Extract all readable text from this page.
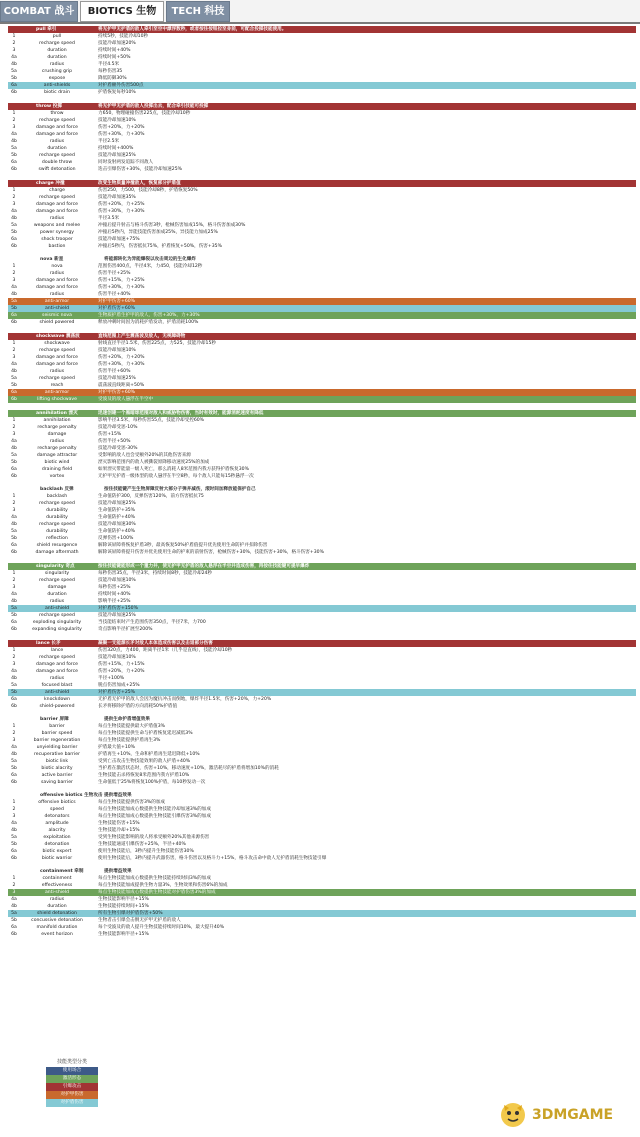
COMBAT 战斗	BIOTICS 生物	TECH 科技
pull 牵引	将无护甲无护盾的敌人牵引至空中漂浮数秒，或者按住按钮拉至身前，可配合投掷技能使用。
1	pull	持续5秒，技能冷却10秒
2	recharge speed	技能冷却加速20%
3	duration	持续时间+40%
4a	duration	持续时间+50%
4b	radius	半径4.5米
5a	crushing grip	每秒伤害35
5b	expose	降低防御30%
6a	anti-shields	对护盾额外伤害500点
6b	biotic drain	护盾恢复每秒10%
throw 投掷	将无护甲无护盾的敌人投掷出去，配合牵引技能可投掷
1	throw	力650，物理碰撞伤害225点，技能冷却10秒
2	recharge speed	技能冷却加速10%
3	damage and force	伤害+20%，力+20%
4a	damage and force	伤害+30%，力+30%
4b	radius	半径2.5米
5a	duration	持续时间+400%
5b	recharge speed	技能冷却加速25%
6a	double throw	同时发射两发追踪不同敌人
6b	swift detonation	迭击引爆伤害+30%，技能冷却加速25%
charge 冲撞	改变生物质量冲撞敌人，恢复部分护盾值
1	charge	伤害250，力500，技能冷却8秒，护盾恢复50%
2	recharge speed	技能冷却加速35%
3	damage and force	伤害+20%，力+25%
4a	damage and force	伤害+30%，力+30%
4b	radius	半径3.5米
5a	weapons and melee	冲撞后提升射击与格斗伤害3秒，枪械伤害加成15%，格斗伤害加成30%
5b	power synergy	冲撞后5秒内，异能技能伤害加成25%，异技能力加成25%
6a	shock trooper	技能冷却加速+75%
6b	bastion	冲撞后5秒内，伤害抵抗75%，护盾恢复+50%，伤害+35%
nova 新星	将能源转化为异能爆裂以攻击周边的生化爆炸
1	nova	范围伤害400点，半径4米，力450，技能冷却12秒
2	radius	伤害半径+25%
3	damage and force	伤害+15%，力+25%
4a	damage and force	伤害+30%，力+30%
4b	radius	伤害半径+40%
5a	anti-armor	对护甲伤害+60%
5b	anti-shield	对护盾伤害+60%
6a	seismic nova	生物质护盾生护甲的敌人，伤害+30%，力+30%
6b	shield powered	释放冲刺时间因为消耗护盾发动，护盾消耗100%
shockwave 震荡波	直线范围上产生震荡波及敌人，无视障碍物
1	shockwave	射线直径半径1.5米，伤害225点，力525，技能冷却15秒
2	recharge speed	技能冷却加速10%
3	damage and force	伤害+20%，力+20%
4a	damage and force	伤害+30%，力+30%
4b	radius	伤害半径+60%
5a	recharge speed	技能冷却加速25%
5b	reach	震荡波直线距离+50%
6a	anti-armor	对护甲伤害+60%
6b	lifting shockwave	受波及的敌人悬浮在半空中
annihilation 湮灭	迅速创建一个黑暗球范围对敌人和威胁物伤害，当时有效时，能源消耗速度有降低
1	annihilation	影响半径3.5米，每秒伤害55点，技能冷却受控60%
2	recharge penalty	技能冷却受惩-10%
3	damage	伤害+15%
4a	radius	伤害半径+50%
4b	recharge penalty	技能冷却受惩-30%
5a	damage attractor	受影响的敌人也会受额外20%的其他伤害来源
5b	biotic wind	湮灭影响范围内的敌人被撕裂原降移动速度25%的加成
6a	draining field	如果湮灭带能量一级人死亡，那么消耗人8米范围内我方获得护盾恢复30%
6b	vortex	无护甲无护盾一级体型的敌人悬浮在半空8秒，每个敌人只能每15秒悬浮一次
backlash 反弹	按住技能键产生生物屏障反射大部分子弹并减伤，滚时间加释放能保护自己
1	backlash	生命值防护300，反弹伤害120%，前方伤害抵抗75
2	recharge speed	技能冷却加速25%
3	durability	生命值防护+35%
4a	durability	生命值防护+40%
4b	recharge speed	技能冷却加速30%
5a	durability	生命值防护+40%
5b	reflection	反弹伤害+100%
6a	shield resurgence	解除该屏障将恢复护盾3秒，最高恢复50%护盾值提升优先使用生命防护并扣除伤害
6b	damage aftermath	解除该屏障将提升伤害并优先使用生命的护束的前射伤害，枪械伤害+30%，技能伤害+30%，格斗伤害+30%
singularity 奇点	按住技能键能形成一个重力井，使无护甲无护盾的敌人悬浮在半空并造成伤害，再按住技能键可提早爆炸
1	singularity	每秒伤害35点，半径3米，持续时间8秒，技能冷却24秒
2	recharge speed	技能冷却加速10%
3	damage	每秒伤害+25%
4a	duration	持续时间+40%
4b	radius	影响半径+25%
5a	anti-shield	对护盾伤害+150%
5b	recharge speed	技能冷却加速25%
6a	exploding singularity	当技能结束时产生范围伤害350点，半径7米，力700
6b	expanding singularity	奇点影响半径扩展至200%
lance 长矛	凝聚一支能源长矛对敌人本体造成伤害以及击退部分伤害
1	lance	伤害320点，力400，距离半径1米（几乎是直线），技能冷却10秒
2	recharge speed	技能冷却加速10%
3	damage and force	伤害+15%，力+15%
4a	damage and force	伤害+20%，力+20%
4b	radius	半径+100%
5a	focused blast	脱点伤害加成+25%
5b	anti-shield	对护盾伤害+25%
6a	knockdown	无护盾无护甲的敌人会因为魔抗冲击而倒地，爆炸半径1.5米，伤害+20%，力+20%
6b	shield-powered	长矛将移除护盾的方向消耗50%护盾值
barrier 屏障	提供生命护盾增值效果
1	barrier	每点生物技能提供最大护盾值3%
2	barrier speed	每点生物技能提供生命与护盾恢复延迟减低3%
3	barrier regeneration	每点生物技能提供护盾再生3%
4a	unyielding barrier	护盾最大值+10%
4b	recuperative barrier	护盾再生+10%，生命和护盾再生延迟降低+10%
5a	biotic link	受到亡击攻击生物技能效果的敌人护盾+40%
5b	biotic alacrity	当护盾在激活状态时，伤害+10%，移动速度+10%，激活耗尽的护盾将增加10%的消耗
6a	active barrier	生物技能击杀将恢复8米范围内我方护盾10%
6b	saving barrier	生命值低于25%将恢复100%护盾，每10秒发动一次
offensive biotics 生物攻击 提供增益效果
1	offensive biotics	每点生物技能提供伤害3%的加成
2	speed	每点生物技能加成心数提供生物技能冷却加速3%的加成
3	detonators	每点生物技能加成心数提供生物技能引爆伤害3%的加成
4a	amplitude	生物技能伤害+15%
4b	alacrity	生物技能冷却+15%
5a	exploitation	受到生物技能影响的敌人将承受额外20%其他来源伤害
5b	detonation	生物技能通道引爆伤害+25%，半径+40%
6a	biotic expert	使用生物技能后，3秒内提升生物技能伤害30%
6b	biotic warrior	使用生物技能后，3秒内提升武器伤害，格斗伤害以及格斗力+15%，格斗攻击命中敌人无护盾消耗生物技能引爆
containment 牵制	提供增益效果
1	containment	每点生物技能加成心数提供生物技能持续时间3%的加成
2	effectiveness	每点生物技能加成提供生物力量3%，生物效果和伤害6%的加成
3	anti-shield	每点生物技能加成心数提供生物技能对护盾伤害3%的加成
4a	radius	生物技能影响半径+15%
4b	duration	生物技能持续时间+15%
5a	shield detonation	所有生物引爆对护盾伤害+50%
5b	concussive detonation	生物者击引爆会击倒无护甲无护盾的敌人
6a	manifold duration	每个受波及的敌人提升生物技能持续时间10%，最大提升40%
6b	event horizon	生物技能影响半径+15%
技能类型分类
使用场合
激活形态
引爆攻击
对护甲伤害
对护盾伤害
3DMGAME
